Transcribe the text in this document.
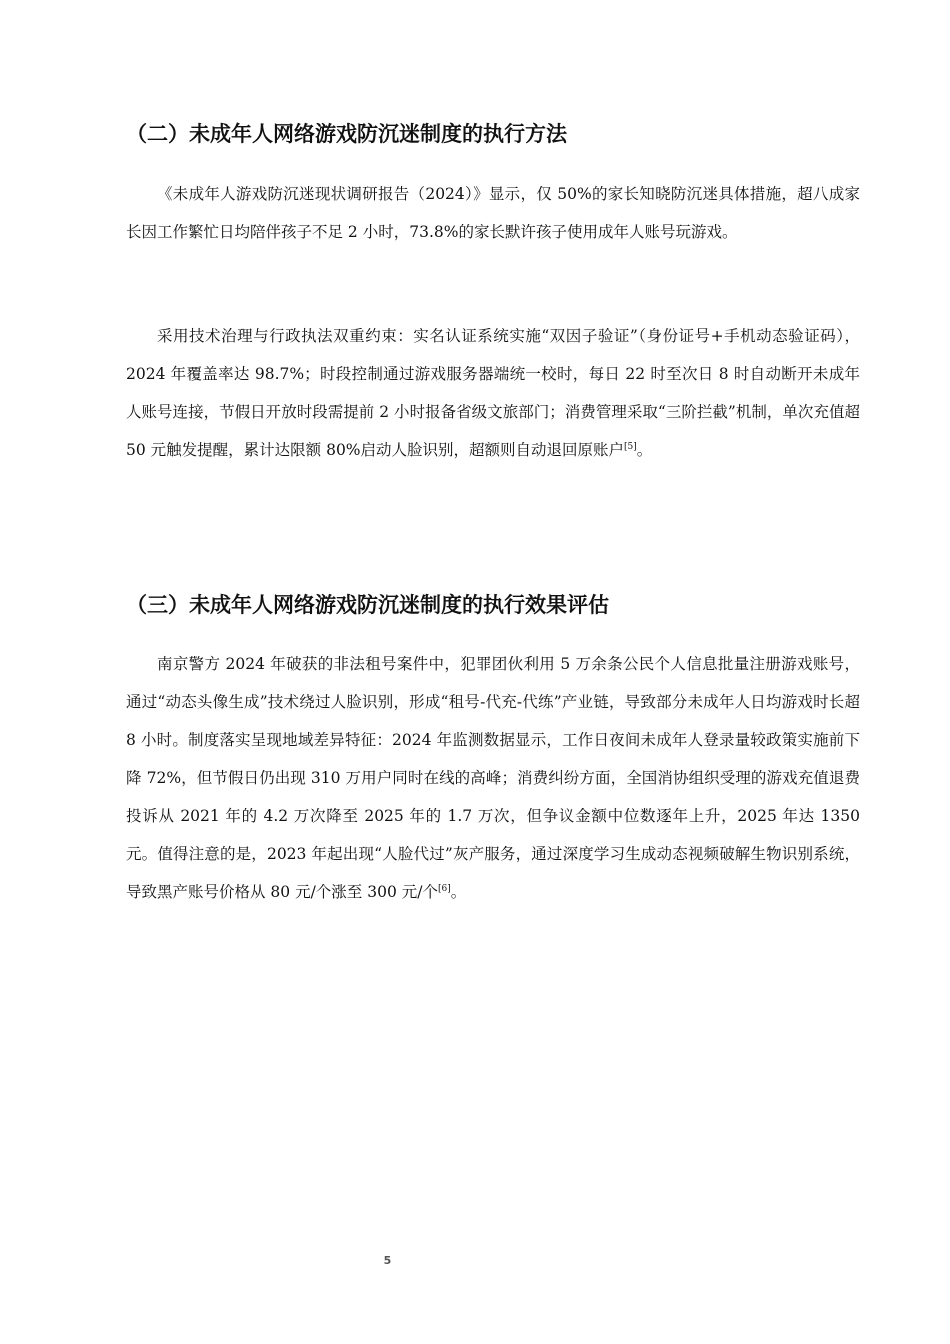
（二）未成年人网络游戏防沉迷制度的执行方法

《未成年人游戏防沉迷现状调研报告（2024）》显示，仅 50%的家长知晓防沉迷具体措施，超八成家长因工作繁忙日均陪伴孩子不足 2 小时，73.8%的家长默许孩子使用成年人账号玩游戏。

采用技术治理与行政执法双重约束：实名认证系统实施“双因子验证”（身份证号+手机动态验证码），2024 年覆盖率达 98.7%；时段控制通过游戏服务器端统一校时，每日 22 时至次日 8 时自动断开未成年人账号连接，节假日开放时段需提前 2 小时报备省级文旅部门；消费管理采取“三阶拦截”机制，单次充值超 50 元触发提醒，累计达限额 80%启动人脸识别，超额则自动退回原账户[5]。

（三）未成年人网络游戏防沉迷制度的执行效果评估

南京警方 2024 年破获的非法租号案件中，犯罪团伙利用 5 万余条公民个人信息批量注册游戏账号，通过“动态头像生成”技术绕过人脸识别，形成“租号-代充-代练”产业链，导致部分未成年人日均游戏时长超 8 小时。制度落实呈现地域差异特征：2024 年监测数据显示，工作日夜间未成年人登录量较政策实施前下降 72%，但节假日仍出现 310 万用户同时在线的高峰；消费纠纷方面，全国消协组织受理的游戏充值退费投诉从 2021 年的 4.2 万次降至 2025 年的 1.7 万次，但争议金额中位数逐年上升，2025 年达 1350 元。值得注意的是，2023 年起出现“人脸代过”灰产服务，通过深度学习生成动态视频破解生物识别系统，导致黑产账号价格从 80 元/个涨至 300 元/个[6]。

5
